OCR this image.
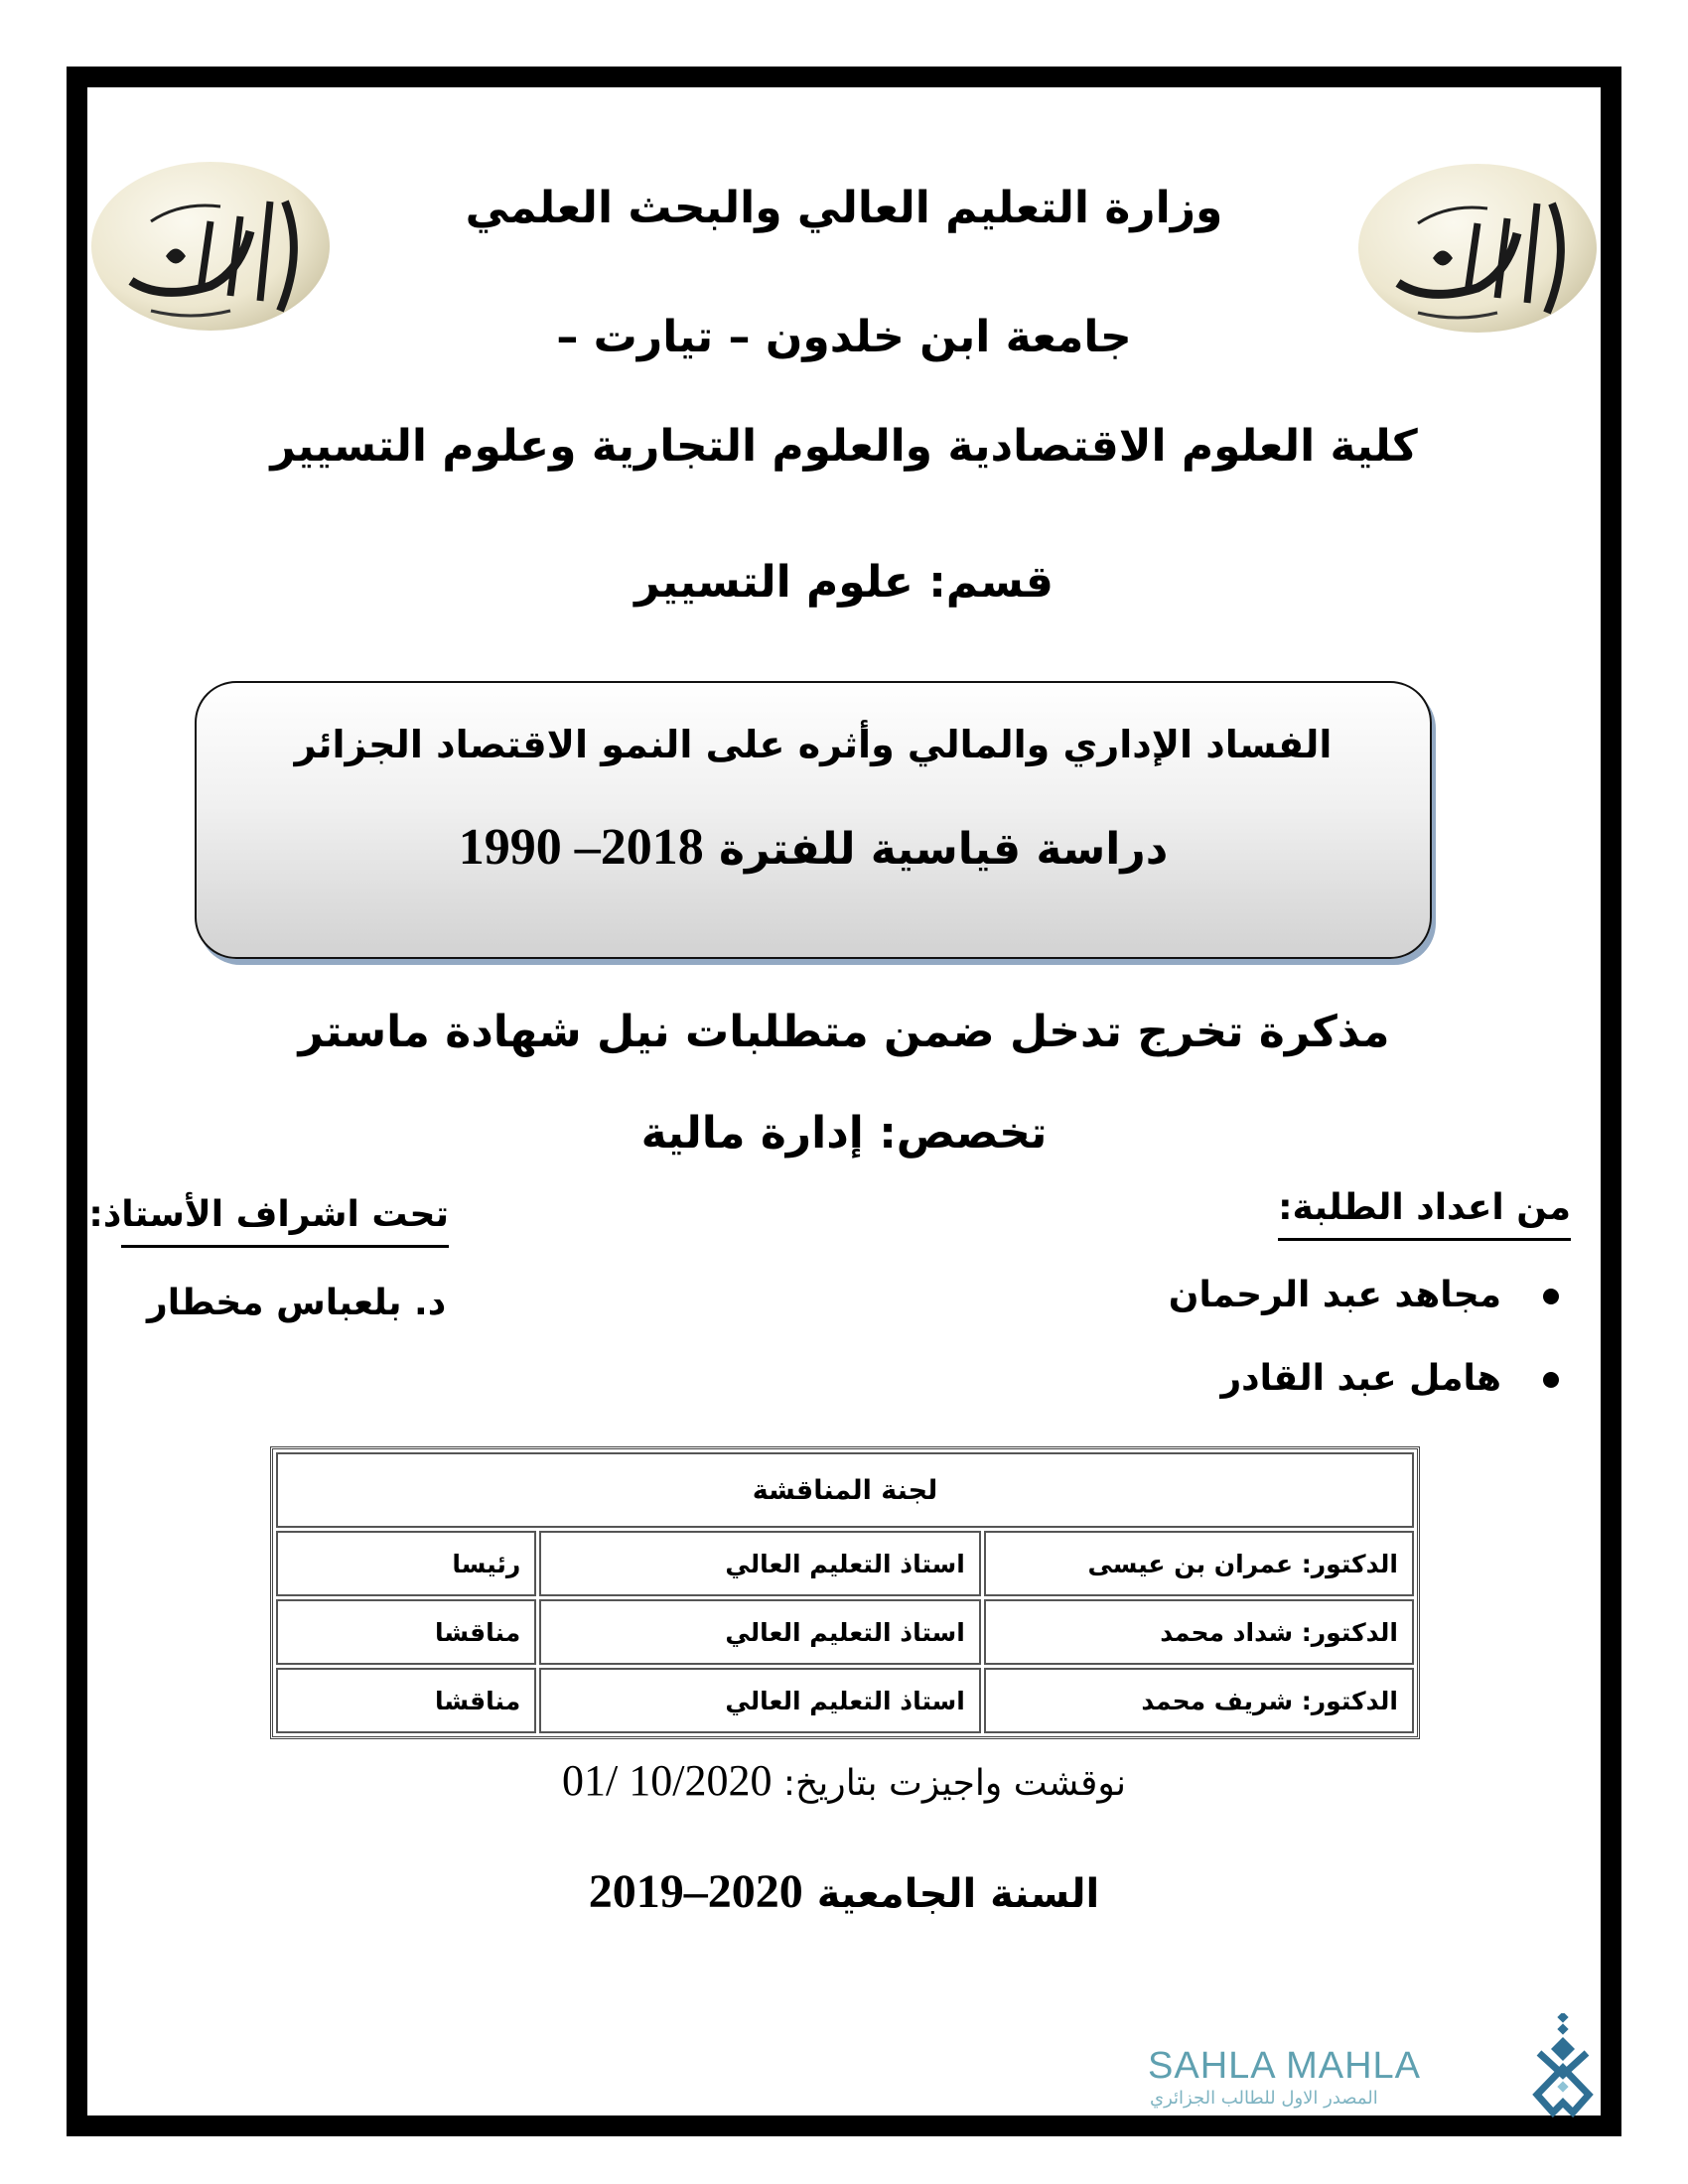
وزارة التعليم العالي والبحث العلمي
جامعة ابن خلدون – تيارت –
كلية العلوم الاقتصادية والعلوم التجارية وعلوم التسيير
قسم: علوم التسيير
الفساد الإداري والمالي وأثره على النمو الاقتصاد الجزائر
دراسة قياسية للفترة 1990 –2018
مذكرة تخرج تدخل ضمن متطلبات نيل شهادة ماستر
تخصص: إدارة مالية
من اعداد الطلبة:
مجاهد عبد الرحمان
هامل عبد القادر
تحت اشراف الأستاذ:
د. بلعباس مخطار
لجنة المناقشة		
الدكتور: عمران بن عيسى	استاذ التعليم العالي	رئيسا
الدكتور: شداد محمد	استاذ التعليم العالي	مناقشا
الدكتور: شريف محمد	استاذ التعليم العالي	مناقشا
نوقشت واجيزت بتاريخ: 01/ 10/2020
السنة الجامعية 2019–2020
SAHLA MAHLA
المصدر الاول للطالب الجزائري
